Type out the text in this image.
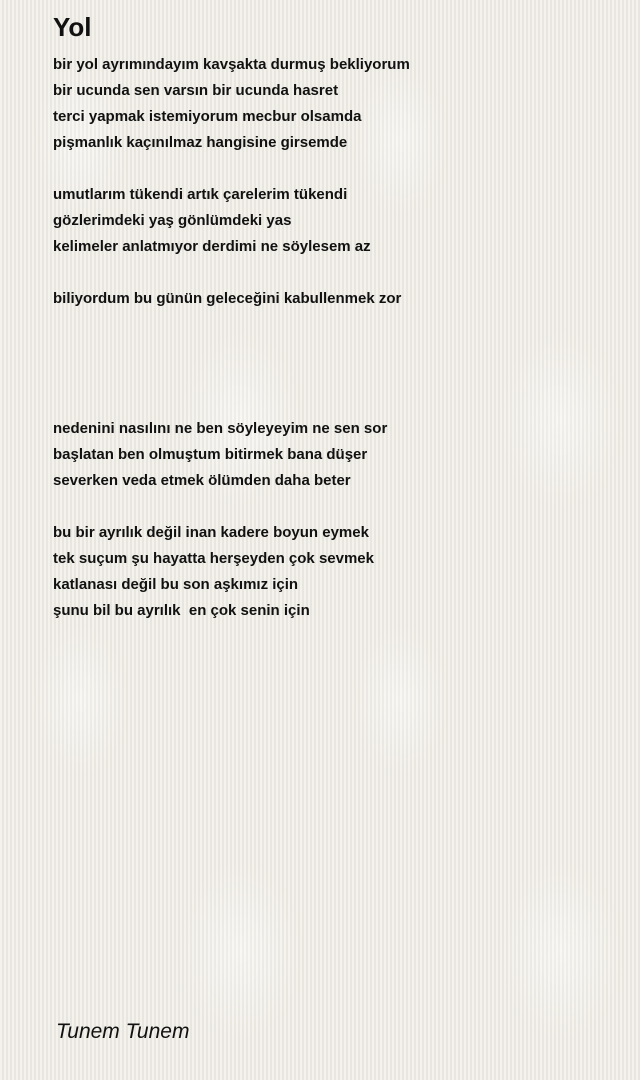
Yol
bir yol ayrımındayım kavşakta durmuş bekliyorum
bir ucunda sen varsın bir ucunda hasret
terci yapmak istemiyorum mecbur olsamda
pişmanlık kaçınılmaz hangisine girsemde
umutlarım tükendi artık çarelerim tükendi
gözlerimdeki yaş gönlümdeki yas
kelimeler anlatmıyor derdimi ne söylesem az
biliyordum bu günün geleceğini kabullenmek zor
nedenini nasılını ne ben söyleyeyim ne sen sor
başlatan ben olmuştum bitirmek bana düşer
severken veda etmek ölümden daha beter
bu bir ayrılık değil inan kadere boyun eymek
tek suçum şu hayatta herşeyden çok sevmek
katlanası değil bu son aşkımız için
şunu bil bu ayrılık  en çok senin için
Tunem Tunem
